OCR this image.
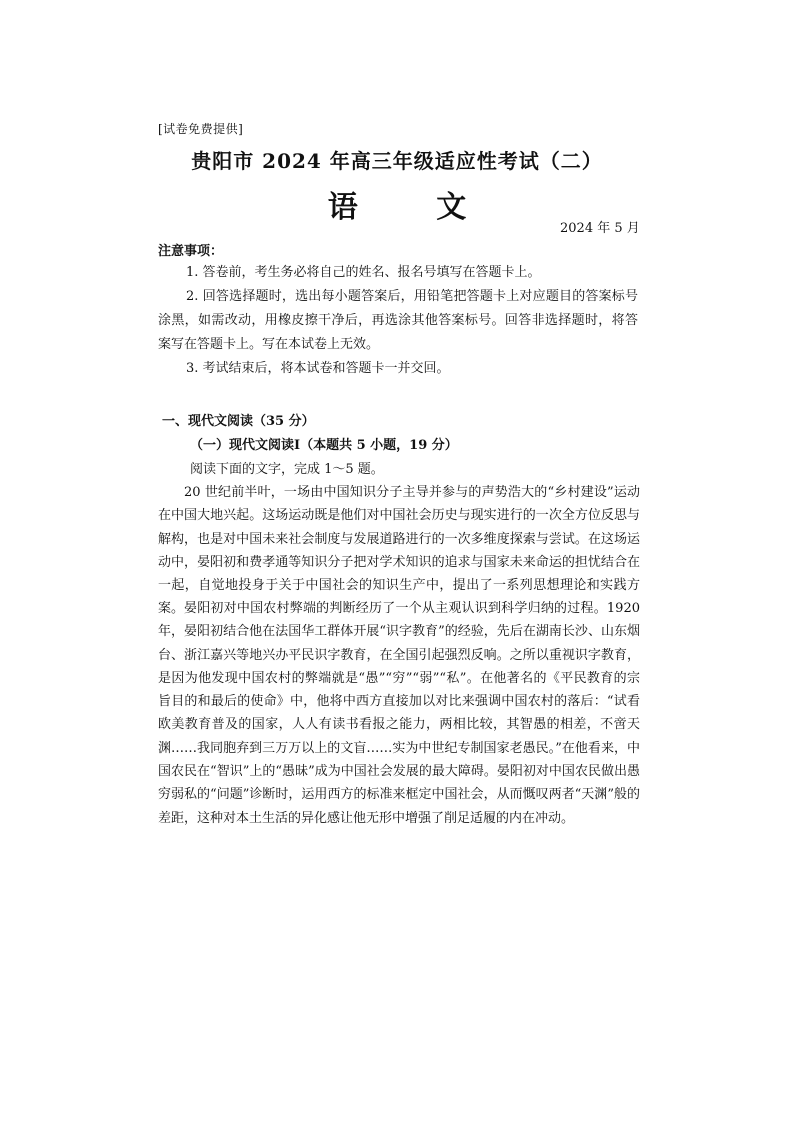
[试卷免费提供]
贵阳市 2024 年高三年级适应性考试（二）
语 文
2024 年 5 月
注意事项：

1. 答卷前，考生务必将自己的姓名、报名号填写在答题卡上。

2. 回答选择题时，选出每小题答案后，用铅笔把答题卡上对应题目的答案标号涂黑，如需改动，用橡皮擦干净后，再选涂其他答案标号。回答非选择题时，将答案写在答题卡上。写在本试卷上无效。

3. 考试结束后，将本试卷和答题卡一并交回。

一、现代文阅读（35 分）
（一）现代文阅读Ⅰ（本题共 5 小题，19 分）
阅读下面的文字，完成 1～5 题。

20 世纪前半叶，一场由中国知识分子主导并参与的声势浩大的“乡村建设”运动在中国大地兴起。这场运动既是他们对中国社会历史与现实进行的一次全方位反思与解构，也是对中国未来社会制度与发展道路进行的一次多维度探索与尝试。在这场运动中，晏阳初和费孝通等知识分子把对学术知识的追求与国家未来命运的担忧结合在一起，自觉地投身于关于中国社会的知识生产中，提出了一系列思想理论和实践方案。 晏阳初对中国农村弊端的判断经历了一个从主观认识到科学归纳的过程。1920 年，晏阳初结合他在法国华工群体开展“识字教育”的经验，先后在湖南长沙、山东烟台、浙江嘉兴等地兴办平民识字教育，在全国引起强烈反响。之所以重视识字教育，是因为他发现中国农村的弊端就是“愚”“穷”“弱”“私”。在他著名的《平民教育的宗旨目的和最后的使命》中，他将中西方直接加以对比来强调中国农村的落后：“试看欧美教育普及的国家，人人有读书看报之能力，两相比较，其智愚的相差，不啻天渊……我同胞弃到三万万以上的文盲……实为中世纪专制国家老愚民。”在他看来，中国农民在“智识”上的“愚昧”成为中国社会发展的最大障碍。晏阳初对中国农民做出愚穷弱私的“问题”诊断时，运用西方的标准来框定中国社会，从而慨叹两者“天渊”般的差距，这种对本土生活的异化感让他无形中增强了削足适履的内在冲动。
